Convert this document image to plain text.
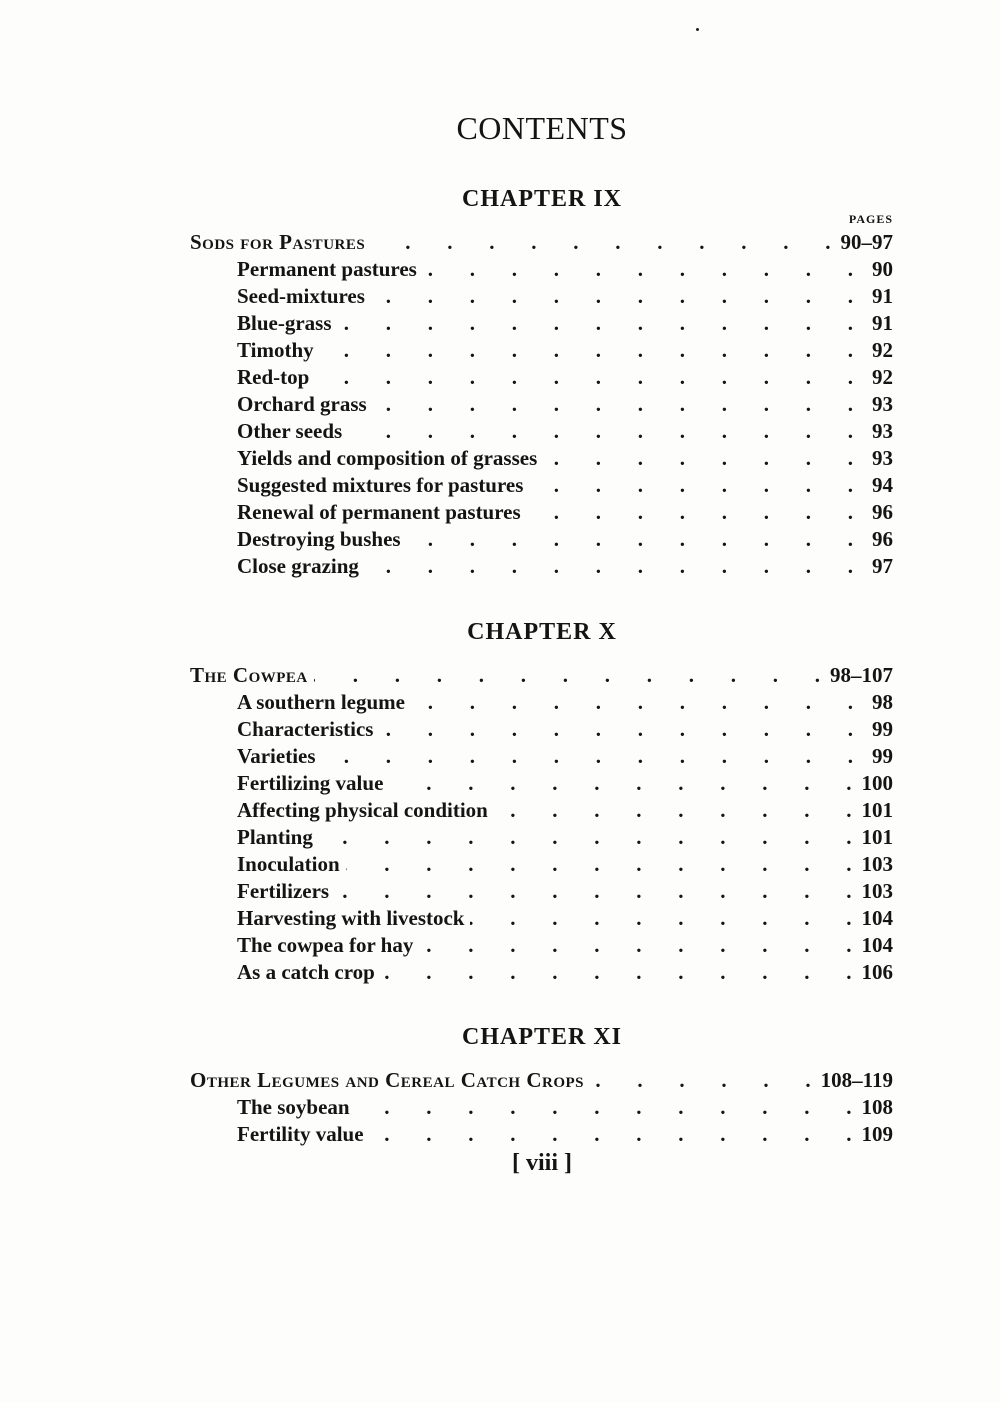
CONTENTS
CHAPTER IX
PAGES
Sods for Pastures .	90–97
Permanent pastures .	90
Seed-mixtures .	91
Blue-grass .	91
Timothy .	92
Red-top .	92
Orchard grass .	93
Other seeds .	93
Yields and composition of grasses .	93
Suggested mixtures for pastures .	94
Renewal of permanent pastures .	96
Destroying bushes .	96
Close grazing .	97
CHAPTER X
The Cowpea .	98–107
A southern legume .	98
Characteristics .	99
Varieties .	99
Fertilizing value .	100
Affecting physical condition .	101
Planting .	101
Inoculation .	103
Fertilizers .	103
Harvesting with livestock .	104
The cowpea for hay .	104
As a catch crop .	106
CHAPTER XI
Other Legumes and Cereal Catch Crops .	108–119
The soybean .	108
Fertility value .	109
[ viii ]
